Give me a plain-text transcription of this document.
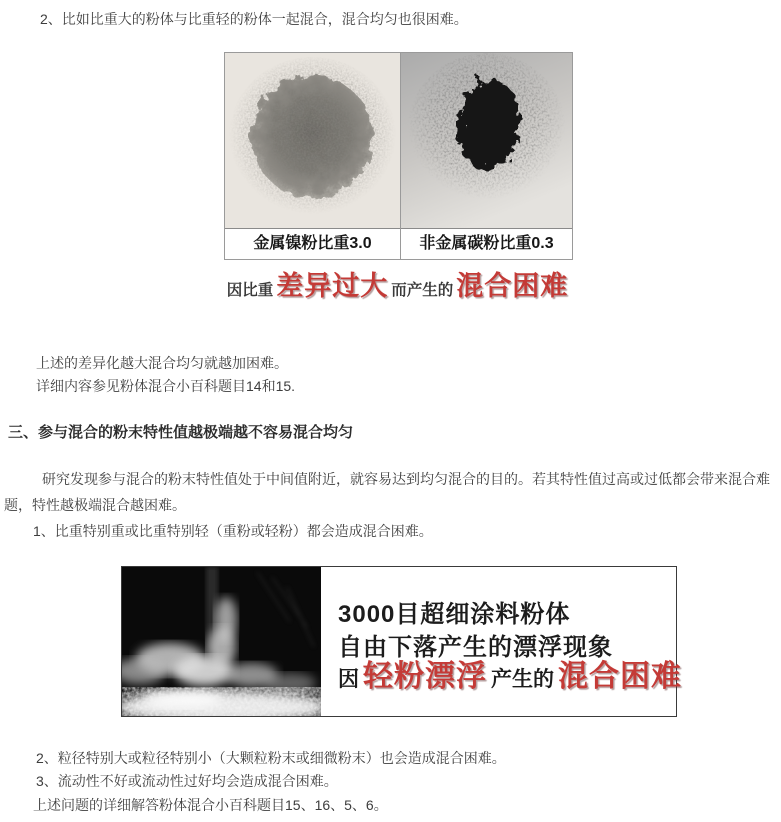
2、比如比重大的粉体与比重轻的粉体一起混合，混合均匀也很困难。
金属镍粉比重3.0	非金属碳粉比重0.3
因比重 差异过大 而产生的 混合困难
上述的差异化越大混合均匀就越加困难。
详细内容参见粉体混合小百科题目14和15.
三、参与混合的粉末特性值越极端越不容易混合均匀
研究发现参与混合的粉末特性值处于中间值附近，就容易达到均匀混合的目的。若其特性值过高或过低都会带来混合难
题，特性越极端混合越困难。
1、比重特别重或比重特别轻（重粉或轻粉）都会造成混合困难。
3000目超细涂料粉体
自由下落产生的漂浮现象
因 轻粉漂浮 产生的 混合困难
2、粒径特别大或粒径特别小（大颗粒粉末或细微粉末）也会造成混合困难。
3、流动性不好或流动性过好均会造成混合困难。
上述问题的详细解答粉体混合小百科题目15、16、5、6。
